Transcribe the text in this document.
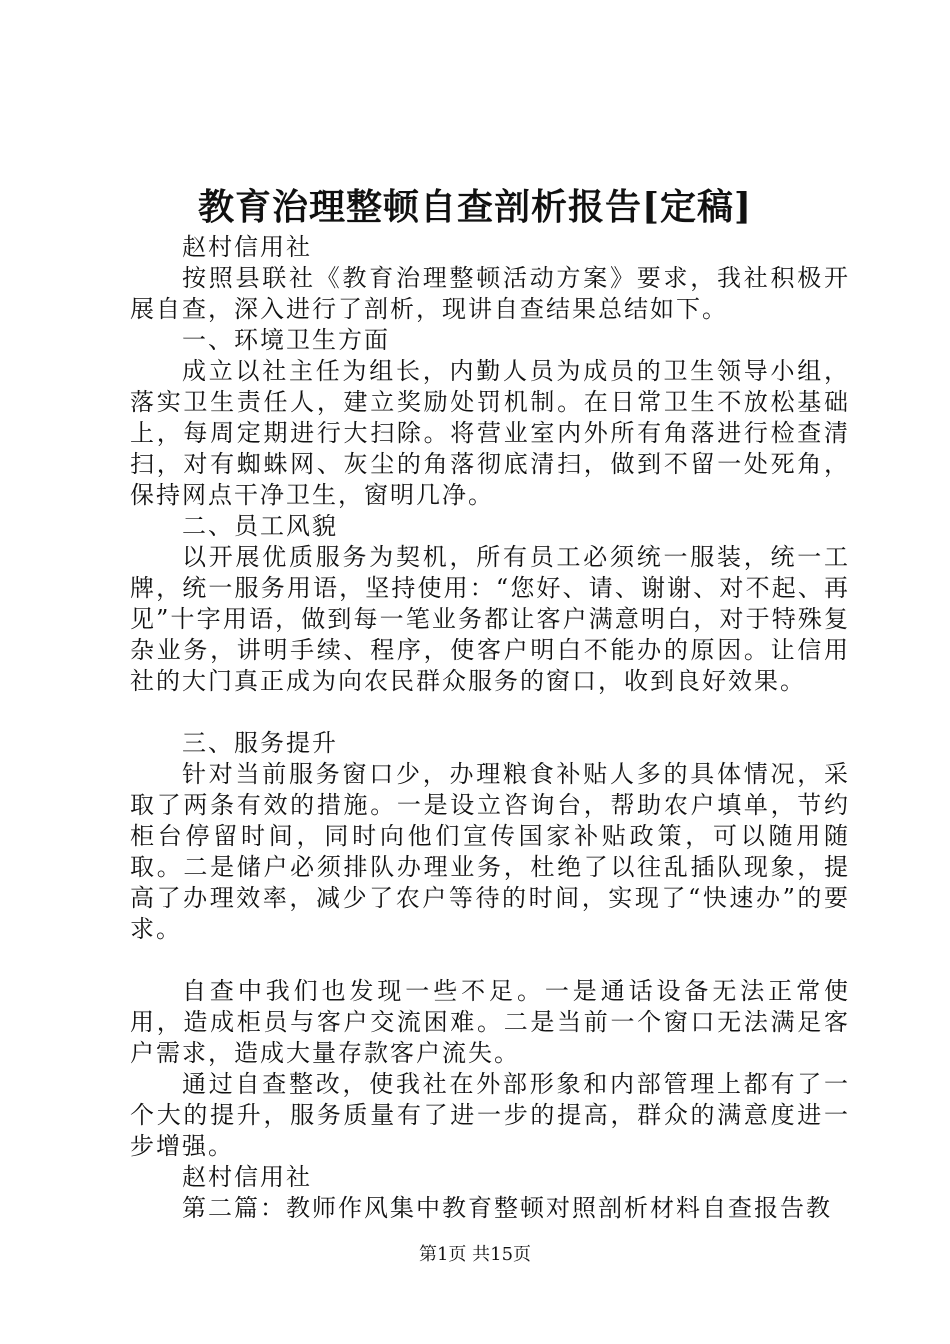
教育治理整顿自查剖析报告[定稿]

赵村信用社

按照县联社《教育治理整顿活动方案》要求，我社积极开展自查，深入进行了剖析，现讲自查结果总结如下。

一、环境卫生方面

成立以社主任为组长，内勤人员为成员的卫生领导小组，落实卫生责任人，建立奖励处罚机制。在日常卫生不放松基础上，每周定期进行大扫除。将营业室内外所有角落进行检查清扫，对有蜘蛛网、灰尘的角落彻底清扫，做到不留一处死角，保持网点干净卫生，窗明几净。

二、员工风貌

以开展优质服务为契机，所有员工必须统一服装，统一工牌，统一服务用语，坚持使用：“您好、请、谢谢、对不起、再见”十字用语，做到每一笔业务都让客户满意明白，对于特殊复杂业务，讲明手续、程序，使客户明白不能办的原因。让信用社的大门真正成为向农民群众服务的窗口，收到良好效果。

三、服务提升

针对当前服务窗口少，办理粮食补贴人多的具体情况，采取了两条有效的措施。一是设立咨询台，帮助农户填单，节约柜台停留时间，同时向他们宣传国家补贴政策，可以随用随取。二是储户必须排队办理业务，杜绝了以往乱插队现象，提高了办理效率，减少了农户等待的时间，实现了“快速办”的要求。

自查中我们也发现一些不足。一是通话设备无法正常使用，造成柜员与客户交流困难。二是当前一个窗口无法满足客户需求，造成大量存款客户流失。

通过自查整改，使我社在外部形象和内部管理上都有了一个大的提升，服务质量有了进一步的提高，群众的满意度进一步增强。

赵村信用社

第二篇：教师作风集中教育整顿对照剖析材料自查报告教

第1页 共15页
